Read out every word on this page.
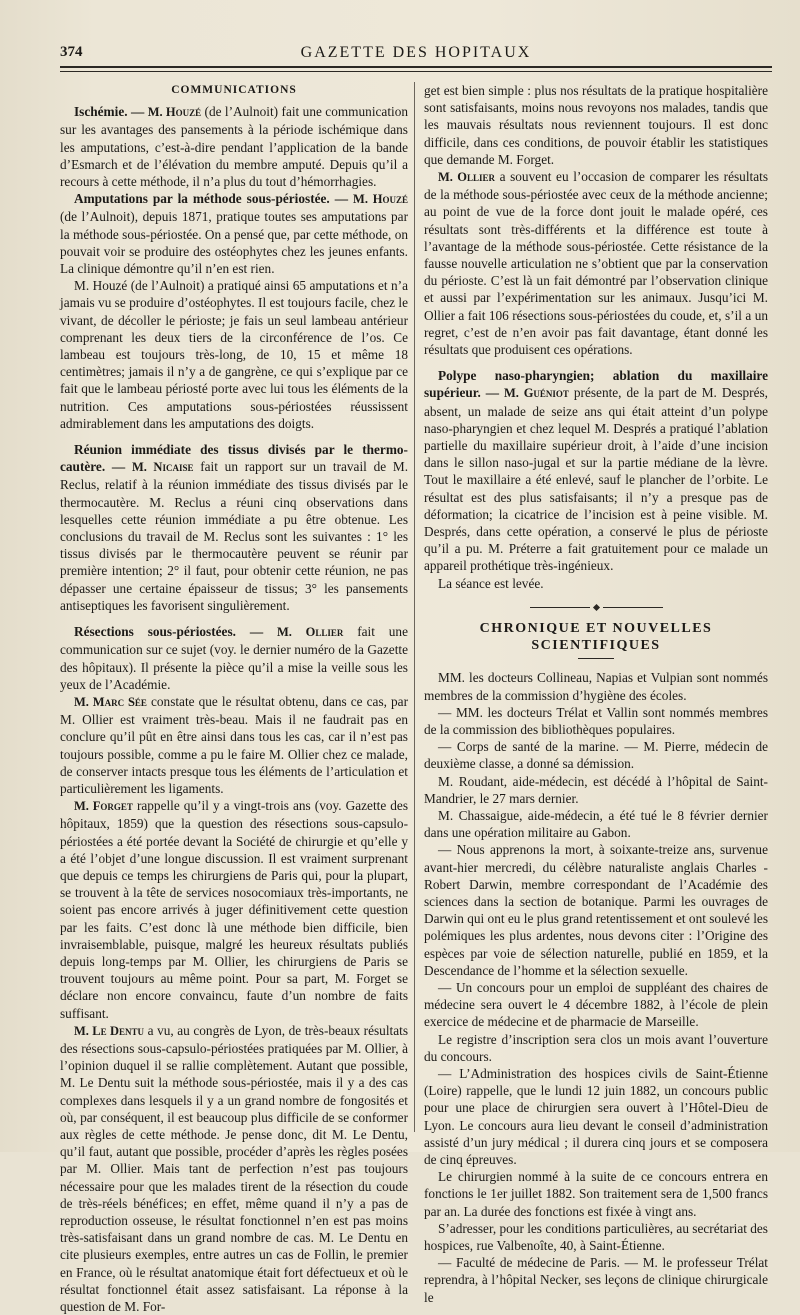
374	GAZETTE DES HOPITAUX
COMMUNICATIONS

Ischémie. — M. Houzé (de l’Aulnoit) fait une communication sur les avantages des pansements à la période ischémique dans les amputations, c’est-à-dire pendant l’application de la bande d’Esmarch et de l’élévation du membre amputé. Depuis qu’il a recours à cette méthode, il n’a plus du tout d’hémorrhagies.

Amputations par la méthode sous-périostée. — M. Houzé (de l’Aulnoit), depuis 1871, pratique toutes ses amputations par la méthode sous-périostée. On a pensé que, par cette méthode, on pouvait voir se produire des ostéophytes chez les jeunes enfants. La clinique démontre qu’il n’en est rien.

M. Houzé (de l’Aulnoit) a pratiqué ainsi 65 amputations et n’a jamais vu se produire d’ostéophytes. Il est toujours facile, chez le vivant, de décoller le périoste; je fais un seul lambeau antérieur comprenant les deux tiers de la circonférence de l’os. Ce lambeau est toujours très-long, de 10, 15 et même 18 centimètres; jamais il n’y a de gangrène, ce qui s’explique par ce fait que le lambeau périosté porte avec lui tous les éléments de la nutrition. Ces amputations sous-périostées réussissent admirablement dans les amputations des doigts.

Réunion immédiate des tissus divisés par le thermo-cautère. — M. Nicaise fait un rapport sur un travail de M. Reclus, relatif à la réunion immédiate des tissus divisés par le thermocautère. M. Reclus a réuni cinq observations dans lesquelles cette réunion immédiate a pu être obtenue. Les conclusions du travail de M. Reclus sont les suivantes : 1° les tissus divisés par le thermocautère peuvent se réunir par première intention; 2° il faut, pour obtenir cette réunion, ne pas dépasser une certaine épaisseur de tissus; 3° les pansements antiseptiques les favorisent singulièrement.

Résections sous-périostées. — M. Ollier fait une communication sur ce sujet (voy. le dernier numéro de la Gazette des hôpitaux). Il présente la pièce qu’il a mise la veille sous les yeux de l’Académie.

M. Marc Sée constate que le résultat obtenu, dans ce cas, par M. Ollier est vraiment très-beau. Mais il ne faudrait pas en conclure qu’il pût en être ainsi dans tous les cas, car il n’est pas toujours possible, comme a pu le faire M. Ollier chez ce malade, de conserver intacts presque tous les éléments de l’articulation et particulièrement les ligaments.

M. Forget rappelle qu’il y a vingt-trois ans (voy. Gazette des hôpitaux, 1859) que la question des résections sous-capsulo-périostées a été portée devant la Société de chirurgie et qu’elle y a été l’objet d’une longue discussion. Il est vraiment surprenant que depuis ce temps les chirurgiens de Paris qui, pour la plupart, se trouvent à la tête de services nosocomiaux très-importants, ne soient pas encore arrivés à juger définitivement cette question par les faits. C’est donc là une méthode bien difficile, bien invraisemblable, puisque, malgré les heureux résultats publiés depuis long-temps par M. Ollier, les chirurgiens de Paris se trouvent toujours au même point. Pour sa part, M. Forget se déclare non encore convaincu, faute d’un nombre de faits suffisant.

M. Le Dentu a vu, au congrès de Lyon, de très-beaux résultats des résections sous-capsulo-périostées pratiquées par M. Ollier, à l’opinion duquel il se rallie complètement. Autant que possible, M. Le Dentu suit la méthode sous-périostée, mais il y a des cas complexes dans lesquels il y a un grand nombre de fongosités et où, par conséquent, il est beaucoup plus difficile de se conformer aux règles de cette méthode. Je pense donc, dit M. Le Dentu, qu’il faut, autant que possible, procéder d’après les règles posées par M. Ollier. Mais tant de perfection n’est pas toujours nécessaire pour que les malades tirent de la résection du coude de très-réels bénéfices; en effet, même quand il n’y a pas de reproduction osseuse, le résultat fonctionnel n’en est pas moins très-satisfaisant dans un grand nombre de cas. M. Le Dentu en cite plusieurs exemples, entre autres un cas de Follin, le premier en France, où le résultat anatomique était fort défectueux et où le résultat fonctionnel était assez satisfaisant. La réponse à la question de M. For-

get est bien simple : plus nos résultats de la pratique hospitalière sont satisfaisants, moins nous revoyons nos malades, tandis que les mauvais résultats nous reviennent toujours. Il est donc difficile, dans ces conditions, de pouvoir établir les statistiques que demande M. Forget.

M. Ollier a souvent eu l’occasion de comparer les résultats de la méthode sous-périostée avec ceux de la méthode ancienne; au point de vue de la force dont jouit le malade opéré, ces résultats sont très-différents et la différence est toute à l’avantage de la méthode sous-périostée. Cette résistance de la fausse nouvelle articulation ne s’obtient que par la conservation du périoste. C’est là un fait démontré par l’observation clinique et aussi par l’expérimentation sur les animaux. Jusqu’ici M. Ollier a fait 106 résections sous-périostées du coude, et, s’il a un regret, c’est de n’en avoir pas fait davantage, étant donné les résultats que produisent ces opérations.

Polype naso-pharyngien; ablation du maxillaire supérieur. — M. Guéniot présente, de la part de M. Després, absent, un malade de seize ans qui était atteint d’un polype naso-pharyngien et chez lequel M. Després a pratiqué l’ablation partielle du maxillaire supérieur droit, à l’aide d’une incision dans le sillon naso-jugal et sur la partie médiane de la lèvre. Tout le maxillaire a été enlevé, sauf le plancher de l’orbite. Le résultat est des plus satisfaisants; il n’y a presque pas de déformation; la cicatrice de l’incision est à peine visible. M. Després, dans cette opération, a conservé le plus de périoste qu’il a pu. M. Préterre a fait gratuitement pour ce malade un appareil prothétique très-ingénieux.

La séance est levée.

CHRONIQUE ET NOUVELLES SCIENTIFIQUES

MM. les docteurs Collineau, Napias et Vulpian sont nommés membres de la commission d’hygiène des écoles.

— MM. les docteurs Trélat et Vallin sont nommés membres de la commission des bibliothèques populaires.

— Corps de santé de la marine. — M. Pierre, médecin de deuxième classe, a donné sa démission.

M. Roudant, aide-médecin, est décédé à l’hôpital de Saint-Mandrier, le 27 mars dernier.

M. Chassaigue, aide-médecin, a été tué le 8 février dernier dans une opération militaire au Gabon.

— Nous apprenons la mort, à soixante-treize ans, survenue avant-hier mercredi, du célèbre naturaliste anglais Charles - Robert Darwin, membre correspondant de l’Académie des sciences dans la section de botanique. Parmi les ouvrages de Darwin qui ont eu le plus grand retentissement et ont soulevé les polémiques les plus ardentes, nous devons citer : l’Origine des espèces par voie de sélection naturelle, publié en 1859, et la Descendance de l’homme et la sélection sexuelle.

— Un concours pour un emploi de suppléant des chaires de médecine sera ouvert le 4 décembre 1882, à l’école de plein exercice de médecine et de pharmacie de Marseille.

Le registre d’inscription sera clos un mois avant l’ouverture du concours.

— L’Administration des hospices civils de Saint-Étienne (Loire) rappelle, que le lundi 12 juin 1882, un concours public pour une place de chirurgien sera ouvert à l’Hôtel-Dieu de Lyon. Le concours aura lieu devant le conseil d’administration assisté d’un jury médical ; il durera cinq jours et se composera de cinq épreuves.

Le chirurgien nommé à la suite de ce concours entrera en fonctions le 1er juillet 1882. Son traitement sera de 1,500 francs par an. La durée des fonctions est fixée à vingt ans.

S’adresser, pour les conditions particulières, au secrétariat des hospices, rue Valbenoîte, 40, à Saint-Étienne.

— Faculté de médecine de Paris. — M. le professeur Trélat reprendra, à l’hôpital Necker, ses leçons de clinique chirurgicale le
